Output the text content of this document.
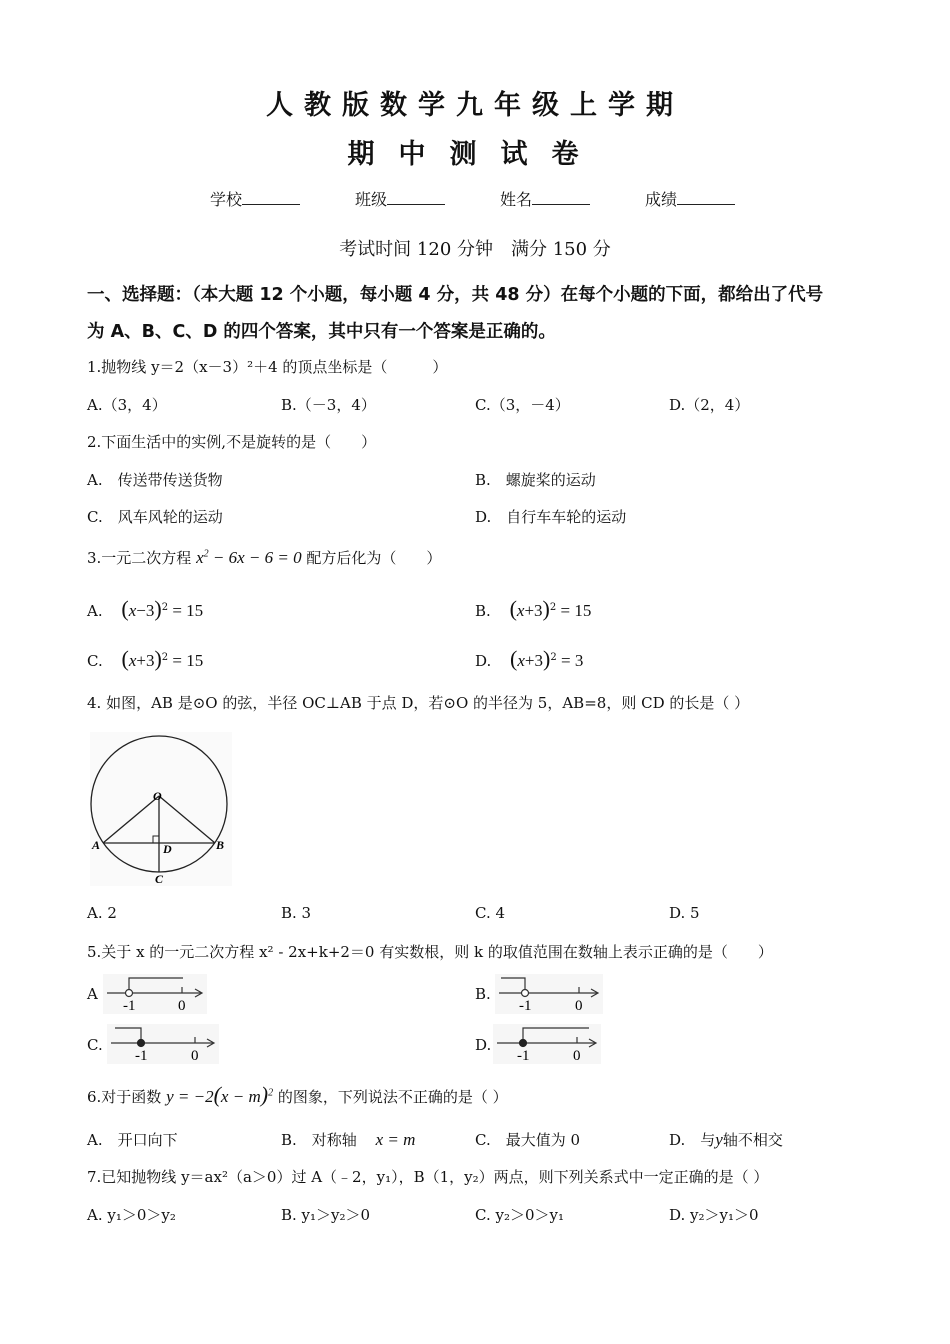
人教版数学九年级上学期
期中测试卷
学校	班级	姓名	成绩
考试时间 120 分钟　满分 150 分
一、选择题：（本大题 12 个小题，每小题 4 分，共 48 分）在每个小题的下面，都给出了代号
为 A、B、C、D 的四个答案，其中只有一个答案是正确的。
1.抛物线 y＝2（x－3）²＋4 的顶点坐标是（　　　）
A.（3，4）	B.（－3，4）	C.（3，－4）	D.（2，4）
2.下面生活中的实例,不是旋转的是（　　）
A.　传送带传送货物	B.　螺旋桨的运动
C.　风车风轮的运动	D.　自行车车轮的运动
3.一元二次方程 $x^2 - 6x - 6 = 0$ 配方后化为（　　）
A. $(x-3)^2 = 15$	B. $(x+3)^2 = 15$
C. $(x+3)^2 = 15$	D. $(x+3)^2 = 3$
4. 如图，AB 是⊙O 的弦，半径 OC⊥AB 于点 D，若⊙O 的半径为 5，AB=8，则 CD 的长是（ ）
O
A	B
D
C
A. 2	B. 3	C. 4	D. 5
5.关于 x 的一元二次方程 x² - 2x+k+2＝0 有实数根，则 k 的取值范围在数轴上表示正确的是（　　）
A
-1	0
B.
-1	0
C.
-1	0
D.
-1	0
6.对于函数 $y = -2(x - m)^2$ 的图象，下列说法不正确的是（ ）
A.　开口向下	B.　对称轴 x = m	C.　最大值为 0	D.　与y轴不相交
7.已知抛物线 y＝ax²（a＞0）过 A（﹣2，y₁），B（1，y₂）两点，则下列关系式中一定正确的是（ ）
A. y₁＞0＞y₂	B. y₁＞y₂＞0	C. y₂＞0＞y₁	D. y₂＞y₁＞0
